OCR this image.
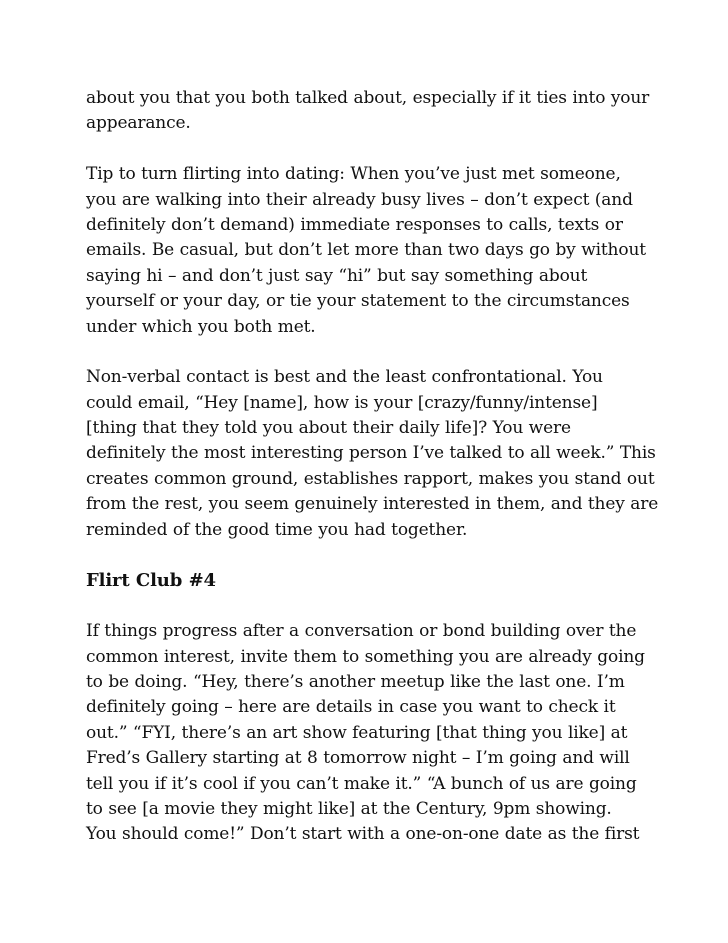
about you that you both talked about, especially if it ties into your
appearance.
Tip to turn flirting into dating: When you’ve just met someone,
you are walking into their already busy lives – don’t expect (and
definitely don’t demand) immediate responses to calls, texts or
emails. Be casual, but don’t let more than two days go by without
saying hi – and don’t just say “hi” but say something about
yourself or your day, or tie your statement to the circumstances
under which you both met.
Non-verbal contact is best and the least confrontational. You
could email, “Hey [name], how is your [crazy/funny/intense]
[thing that they told you about their daily life]? You were
definitely the most interesting person I’ve talked to all week.” This
creates common ground, establishes rapport, makes you stand out
from the rest, you seem genuinely interested in them, and they are
reminded of the good time you had together.
Flirt Club #4
If things progress after a conversation or bond building over the
common interest, invite them to something you are already going
to be doing. “Hey, there’s another meetup like the last one. I’m
definitely going – here are details in case you want to check it
out.” “FYI, there’s an art show featuring [that thing you like] at
Fred’s Gallery starting at 8 tomorrow night – I’m going and will
tell you if it’s cool if you can’t make it.” “A bunch of us are going
to see [a movie they might like] at the Century, 9pm showing.
You should come!” Don’t start with a one-on-one date as the first
